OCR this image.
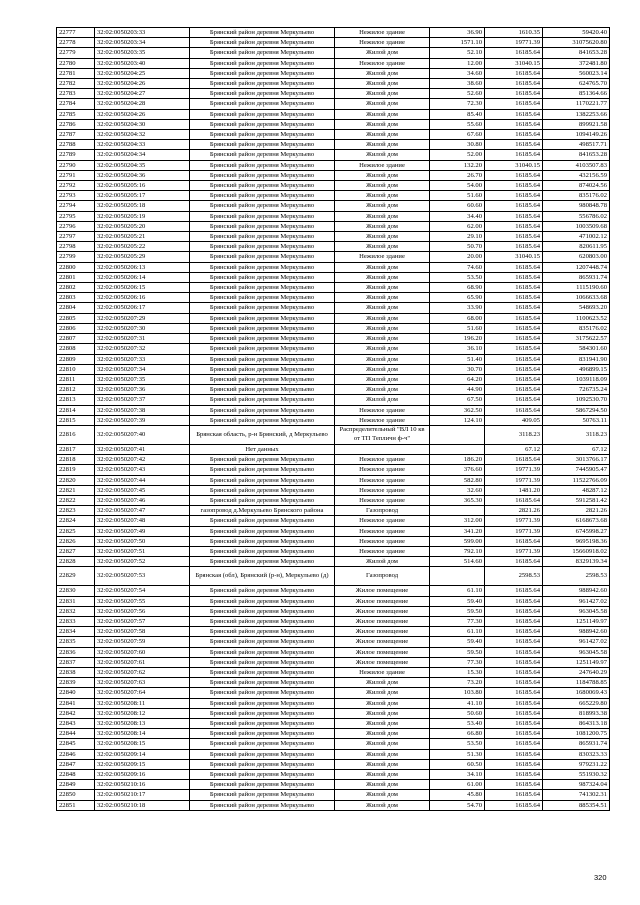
22777	32:02:0050203:33	Брянский район деревня Меркульево	Нежилое здание	36.90	1610.35	59420.40
22778	32:02:0050203:34	Брянский район деревня Меркульево	Нежилое здание	1571.10	19771.39	31075620.80
22779	32:02:0050203:35	Брянский район деревня Меркульево	Жилой дом	52.10	16185.64	841653.28
22780	32:02:0050203:40	Брянский район деревня Меркульево	Нежилое здание	12.00	31040.15	372481.80
22781	32:02:0050204:25	Брянский район деревня Меркульево	Жилой дом	34.60	16185.64	560023.14
22782	32:02:0050204:26	Брянский район деревня Меркульево	Жилой дом	38.60	16185.64	624765.70
22783	32:02:0050204:27	Брянский район деревня Меркульево	Жилой дом	52.60	16185.64	851364.66
22784	32:02:0050204:28	Брянский район деревня Меркульево	Жилой дом	72.30	16185.64	1170221.77
22785	32:02:0050204:26	Брянский район деревня Меркульево	Жилой дом	85.40	16185.64	1382253.66
22786	32:02:0050204:30	Брянский район деревня Меркульево	Жилой дом	55.60	16185.64	899921.58
22787	32:02:0050204:32	Брянский район деревня Меркульево	Жилой дом	67.60	16185.64	1094149.26
22788	32:02:0050204:33	Брянский район деревня Меркульево	Жилой дом	30.80	16185.64	498517.71
22789	32:02:0050204:34	Брянский район деревня Меркульево	Жилой дом	52.00	16185.64	841653.28
22790	32:02:0050204:35	Брянский район деревня Меркульево	Нежилое здание	132.20	31040.15	4103507.83
22791	32:02:0050204:36	Брянский район деревня Меркульево	Жилой дом	26.70	16185.64	432156.59
22792	32:02:0050205:16	Брянский район деревня Меркульево	Жилой дом	54.00	16185.64	874024.56
22793	32:02:0050205:17	Брянский район деревня Меркульево	Жилой дом	51.60	16185.64	835176.02
22794	32:02:0050205:18	Брянский район деревня Меркульево	Жилой дом	60.60	16185.64	980848.78
22795	32:02:0050205:19	Брянский район деревня Меркульево	Жилой дом	34.40	16185.64	556786.02
22796	32:02:0050205:20	Брянский район деревня Меркульево	Жилой дом	62.00	16185.64	1003509.68
22797	32:02:0050205:21	Брянский район деревня Меркульево	Жилой дом	29.10	16185.64	471002.12
22798	32:02:0050205:22	Брянский район деревня Меркульево	Жилой дом	50.70	16185.64	820611.95
22799	32:02:0050205:29	Брянский район деревня Меркульево	Нежилое здание	20.00	31040.15	620803.00
22800	32:02:0050206:13	Брянский район деревня Меркульево	Жилой дом	74.60	16185.64	1207448.74
22801	32:02:0050206:14	Брянский район деревня Меркульево	Жилой дом	53.50	16185.64	865931.74
22802	32:02:0050206:15	Брянский район деревня Меркульево	Жилой дом	68.90	16185.64	1115190.60
22803	32:02:0050206:16	Брянский район деревня Меркульево	Жилой дом	65.90	16185.64	1066633.68
22804	32:02:0050206:17	Брянский район деревня Меркульево	Жилой дом	33.90	16185.64	548693.20
22805	32:02:0050207:29	Брянский район деревня Меркульево	Жилой дом	68.00	16185.64	1100623.52
22806	32:02:0050207:30	Брянский район деревня Меркульево	Жилой дом	51.60	16185.64	835176.02
22807	32:02:0050207:31	Брянский район деревня Меркульево	Жилой дом	196.20	16185.64	3175622.57
22808	32:02:0050207:32	Брянский район деревня Меркульево	Жилой дом	36.10	16185.64	584301.60
22809	32:02:0050207:33	Брянский район деревня Меркульево	Жилой дом	51.40	16185.64	831941.90
22810	32:02:0050207:34	Брянский район деревня Меркульево	Жилой дом	30.70	16185.64	496899.15
22811	32:02:0050207:35	Брянский район деревня Меркульево	Жилой дом	64.20	16185.64	1039118.09
22812	32:02:0050207:36	Брянский район деревня Меркульево	Жилой дом	44.90	16185.64	726735.24
22813	32:02:0050207:37	Брянский район деревня Меркульево	Жилой дом	67.50	16185.64	1092530.70
22814	32:02:0050207:38	Брянский район деревня Меркульево	Нежилое здание	362.50	16185.64	5867294.50
22815	32:02:0050207:39	Брянский район деревня Меркульево	Нежилое здание	124.10	409.05	50763.11
22816	32:02:0050207:40	Брянская область, р-н Брянский, д Меркульево	Распределительный "ВЛ 10 кв от ТП Тепличн ф-ч"		3118.23	3118.23
22817	32:02:0050207:41	Нет данных			67.12	67.12
22818	32:02:0050207:42	Брянский район деревня Меркульево	Нежилое здание	186.20	16185.64	3013766.17
22819	32:02:0050207:43	Брянский район деревня Меркульево	Нежилое здание	376.60	19771.39	7445905.47
22820	32:02:0050207:44	Брянский район деревня Меркульево	Нежилое здание	582.80	19771.39	11522766.09
22821	32:02:0050207:45	Брянский район деревня Меркульево	Нежилое здание	32.60	1481.20	48287.12
22822	32:02:0050207:46	Брянский район деревня Меркульево	Нежилое здание	365.30	16185.64	5912581.42
22823	32:02:0050207:47	газопровод д.Меркульево Брянского района	Газопровод		2821.26	2821.26
22824	32:02:0050207:48	Брянский район деревня Меркульево	Нежилое здание	312.00	19771.39	6168673.68
22825	32:02:0050207:49	Брянский район деревня Меркульево	Нежилое здание	341.20	19771.39	6745998.27
22826	32:02:0050207:50	Брянский район деревня Меркульево	Нежилое здание	599.00	16185.64	9695198.36
22827	32:02:0050207:51	Брянский район деревня Меркульево	Нежилое здание	792.10	19771.39	15660918.02
22828	32:02:0050207:52	Брянский район деревня Меркульево	Жилой дом	514.60	16185.64	8329139.34
22829	32:02:0050207:53	Брянская (обл), Брянский (р-н), Меркульево (д)	Газопровод		2598.53	2598.53
22830	32:02:0050207:54	Брянский район деревня Меркульево	Жилое помещение	61.10	16185.64	988942.60
22831	32:02:0050207:55	Брянский район деревня Меркульево	Жилое помещение	59.40	16185.64	961427.02
22832	32:02:0050207:56	Брянский район деревня Меркульево	Жилое помещение	59.50	16185.64	963045.58
22833	32:02:0050207:57	Брянский район деревня Меркульево	Жилое помещение	77.30	16185.64	1251149.97
22834	32:02:0050207:58	Брянский район деревня Меркульево	Жилое помещение	61.10	16185.64	988942.60
22835	32:02:0050207:59	Брянский район деревня Меркульево	Жилое помещение	59.40	16185.64	961427.02
22836	32:02:0050207:60	Брянский район деревня Меркульево	Жилое помещение	59.50	16185.64	963045.58
22837	32:02:0050207:61	Брянский район деревня Меркульево	Жилое помещение	77.30	16185.64	1251149.97
22838	32:02:0050207:62	Брянский район деревня Меркульево	Нежилое здание	15.30	16185.64	247640.29
22839	32:02:0050207:63	Брянский район деревня Меркульево	Жилой дом	73.20	16185.64	1184788.85
22840	32:02:0050207:64	Брянский район деревня Меркульево	Жилой дом	103.80	16185.64	1680069.43
22841	32:02:0050208:11	Брянский район деревня Меркульево	Жилой дом	41.10	16185.64	665229.80
22842	32:02:0050208:12	Брянский район деревня Меркульево	Жилой дом	50.60	16185.64	818993.38
22843	32:02:0050208:13	Брянский район деревня Меркульево	Жилой дом	53.40	16185.64	864313.18
22844	32:02:0050208:14	Брянский район деревня Меркульево	Жилой дом	66.80	16185.64	1081200.75
22845	32:02:0050208:15	Брянский район деревня Меркульево	Жилой дом	53.50	16185.64	865931.74
22846	32:02:0050209:14	Брянский район деревня Меркульево	Жилой дом	51.30	16185.64	830323.33
22847	32:02:0050209:15	Брянский район деревня Меркульево	Жилой дом	60.50	16185.64	979231.22
22848	32:02:0050209:16	Брянский район деревня Меркульево	Жилой дом	34.10	16185.64	551930.32
22849	32:02:0050210:16	Брянский район деревня Меркульево	Жилой дом	61.00	16185.64	987324.04
22850	32:02:0050210:17	Брянский район деревня Меркульево	Жилой дом	45.80	16185.64	741302.31
22851	32:02:0050210:18	Брянский район деревня Меркульево	Жилой дом	54.70	16185.64	885354.51
320
